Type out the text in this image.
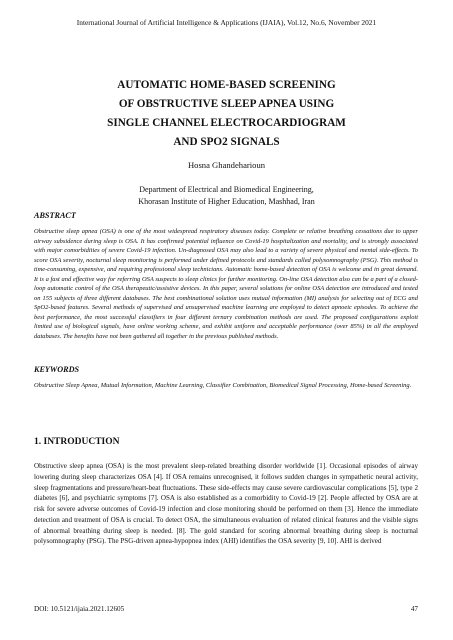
International Journal of Artificial Intelligence & Applications (IJAIA), Vol.12, No.6, November 2021
AUTOMATIC HOME-BASED SCREENING
OF OBSTRUCTIVE SLEEP APNEA USING
SINGLE CHANNEL ELECTROCARDIOGRAM
AND SPO2 SIGNALS
Hosna Ghandeharioun
Department of Electrical and Biomedical Engineering,
Khorasan Institute of Higher Education, Mashhad, Iran
ABSTRACT
Obstructive sleep apnea (OSA) is one of the most widespread respiratory diseases today. Complete or relative breathing cessations due to upper airway subsidence during sleep is OSA. It has confirmed potential influence on Covid-19 hospitalization and mortality, and is strongly associated with major comorbidities of severe Covid-19 infection. Un-diagnosed OSA may also lead to a variety of severe physical and mental side-effects. To score OSA severity, nocturnal sleep monitoring is performed under defined protocols and standards called polysomnography (PSG). This method is time-consuming, expensive, and requiring professional sleep technicians. Automatic home-based detection of OSA is welcome and in great demand. It is a fast and effective way for referring OSA suspects to sleep clinics for further monitoring. On-line OSA detection also can be a part of a closed-loop automatic control of the OSA therapeutic/assistive devices. In this paper, several solutions for online OSA detection are introduced and tested on 155 subjects of three different databases. The best combinational solution uses mutual information (MI) analysis for selecting out of ECG and SpO2-based features. Several methods of supervised and unsupervised machine learning are employed to detect apnoeic episodes. To achieve the best performance, the most successful classifiers in four different ternary combination methods are used. The proposed configurations exploit limited use of biological signals, have online working scheme, and exhibit uniform and acceptable performance (over 85%) in all the employed databases. The benefits have not been gathered all together in the previous published methods.
KEYWORDS
Obstructive Sleep Apnea, Mutual Information, Machine Learning, Classifier Combination, Biomedical Signal Processing, Home-based Screening.
1. INTRODUCTION
Obstructive sleep apnea (OSA) is the most prevalent sleep-related breathing disorder worldwide [1]. Occasional episodes of airway lowering during sleep characterizes OSA [4]. If OSA remains unrecognised, it follows sudden changes in sympathetic neural activity, sleep fragmentations and pressure/heart-beat fluctuations. These side-effects may cause severe cardiovascular complications [5], type 2 diabetes [6], and psychiatric symptoms [7]. OSA is also established as a comorbidity to Covid-19 [2]. People affected by OSA are at risk for severe adverse outcomes of Covid-19 infection and close monitoring should be performed on them [3]. Hence the immediate detection and treatment of OSA is crucial. To detect OSA, the simultaneous evaluation of related clinical features and the visible signs of abnormal breathing during sleep is needed. [8]. The gold standard for scoring abnormal breathing during sleep is nocturnal polysomnography (PSG). The PSG-driven apnea-hypopnea index (AHI) identifies the OSA severity [9, 10]. AHI is derived
DOI: 10.5121/ijaia.2021.12605	47
